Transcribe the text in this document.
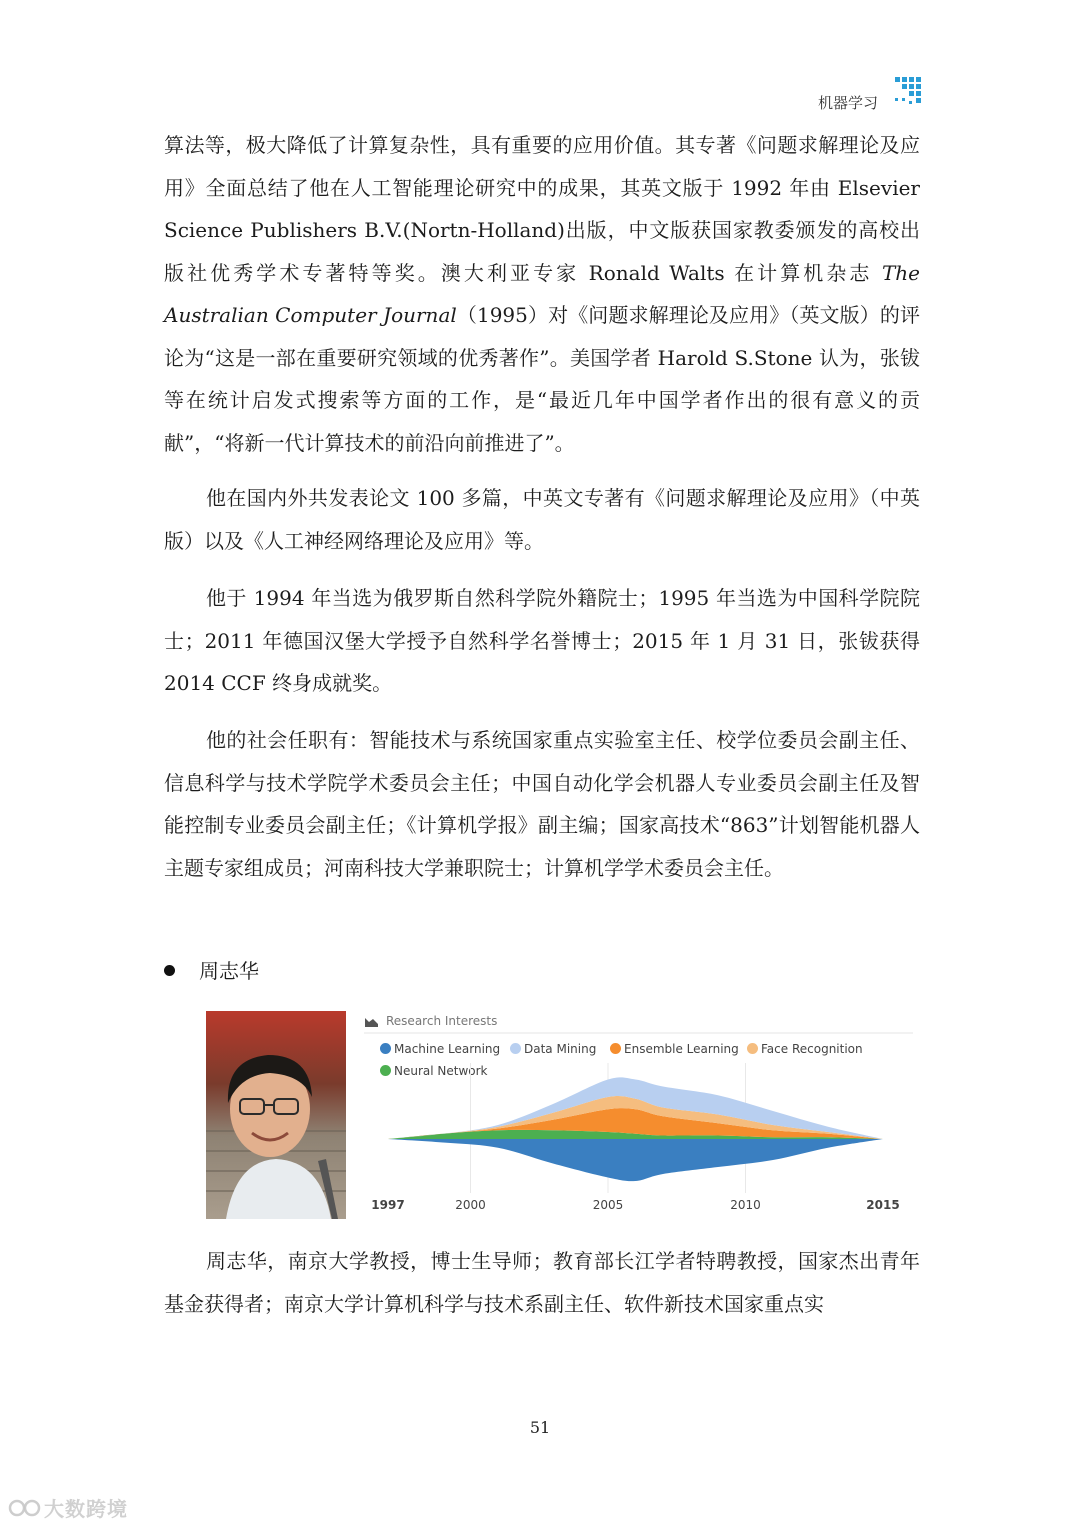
机器学习

算法等，极大降低了计算复杂性，具有重要的应用价值。其专著《问题求解理论及应用》全面总结了他在人工智能理论研究中的成果，其英文版于 1992 年由 Elsevier Science Publishers B.V.(Nortn-Holland)出版，中文版获国家教委颁发的高校出版社优秀学术专著特等奖。澳大利亚专家 Ronald Walts 在计算机杂志 The Australian Computer Journal（1995）对《问题求解理论及应用》（英文版）的评论为“这是一部在重要研究领域的优秀著作”。美国学者 Harold S.Stone 认为，张钹等在统计启发式搜索等方面的工作，是“最近几年中国学者作出的很有意义的贡献”，“将新一代计算技术的前沿向前推进了”。

他在国内外共发表论文 100 多篇，中英文专著有《问题求解理论及应用》（中英版）以及《人工神经网络理论及应用》等。

他于 1994 年当选为俄罗斯自然科学院外籍院士；1995 年当选为中国科学院院士；2011 年德国汉堡大学授予自然科学名誉博士；2015 年 1 月 31 日，张钹获得 2014 CCF 终身成就奖。

他的社会任职有：智能技术与系统国家重点实验室主任、校学位委员会副主任、信息科学与技术学院学术委员会主任；中国自动化学会机器人专业委员会副主任及智能控制专业委员会副主任；《计算机学报》副主编；国家高技术“863”计划智能机器人主题专家组成员；河南科技大学兼职院士；计算机学学术委员会主任。

周志华
Research Interests
Machine Learning	Data Mining	Ensemble Learning	Face Recognition
Neural Network
1997	2000	2005	2010	2015

周志华，南京大学教授，博士生导师；教育部长江学者特聘教授，国家杰出青年基金获得者；南京大学计算机科学与技术系副主任、软件新技术国家重点实

51
大数跨境
